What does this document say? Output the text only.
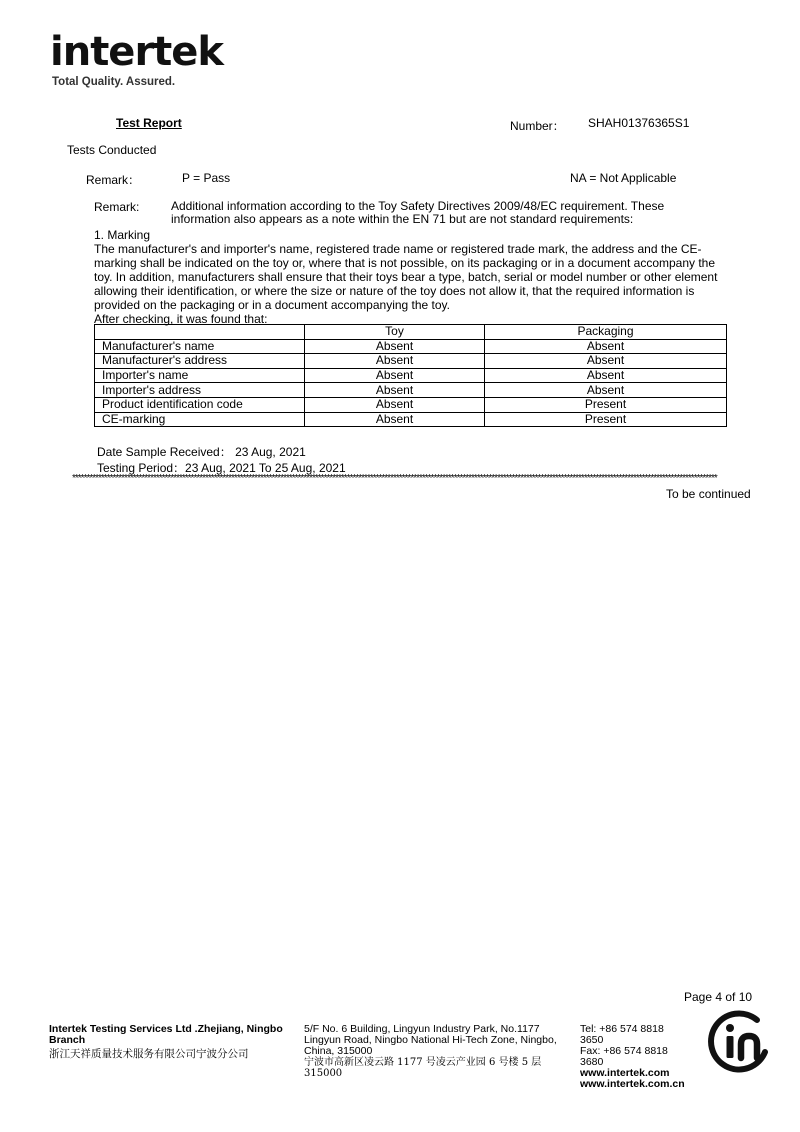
intertek
Total Quality. Assured.
Test Report	Number： SHAH01376365S1
Tests Conducted
Remark：	P = Pass	NA = Not Applicable
Remark:	Additional information according to the Toy Safety Directives 2009/48/EC requirement. These information also appears as a note within the EN 71 but are not standard requirements:

1. Marking

The manufacturer's and importer's name, registered trade name or registered trade mark, the address and the CE-marking shall be indicated on the toy or, where that is not possible, on its packaging or in a document accompany the toy. In addition, manufacturers shall ensure that their toys bear a type, batch, serial or model number or other element allowing their identification, or where the size or nature of the toy does not allow it, that the required information is provided on the packaging or in a document accompanying the toy.

After checking, it was found that:

	Toy	Packaging
Manufacturer's name	Absent	Absent
Manufacturer's address	Absent	Absent
Importer's name	Absent	Absent
Importer's address	Absent	Absent
Product identification code	Absent	Present
CE-marking	Absent	Present
Date Sample Received： 23 Aug, 2021
Testing Period：23 Aug, 2021 To 25 Aug, 2021
*******************************************************************************************************************************************************************************************************************************
To be continued
Page 4 of 10
Intertek Testing Services Ltd .Zhejiang, Ningbo Branch
浙江天祥质量技术服务有限公司宁波分公司
5/F No. 6 Building, Lingyun Industry Park, No.1177 Lingyun Road, Ningbo National Hi-Tech Zone, Ningbo, China, 315000
宁波市高新区凌云路 1177 号凌云产业园 6 号楼 5 层 315000
Tel: +86 574 8818 3650
Fax: +86 574 8818 3680
www.intertek.com
www.intertek.com.cn
